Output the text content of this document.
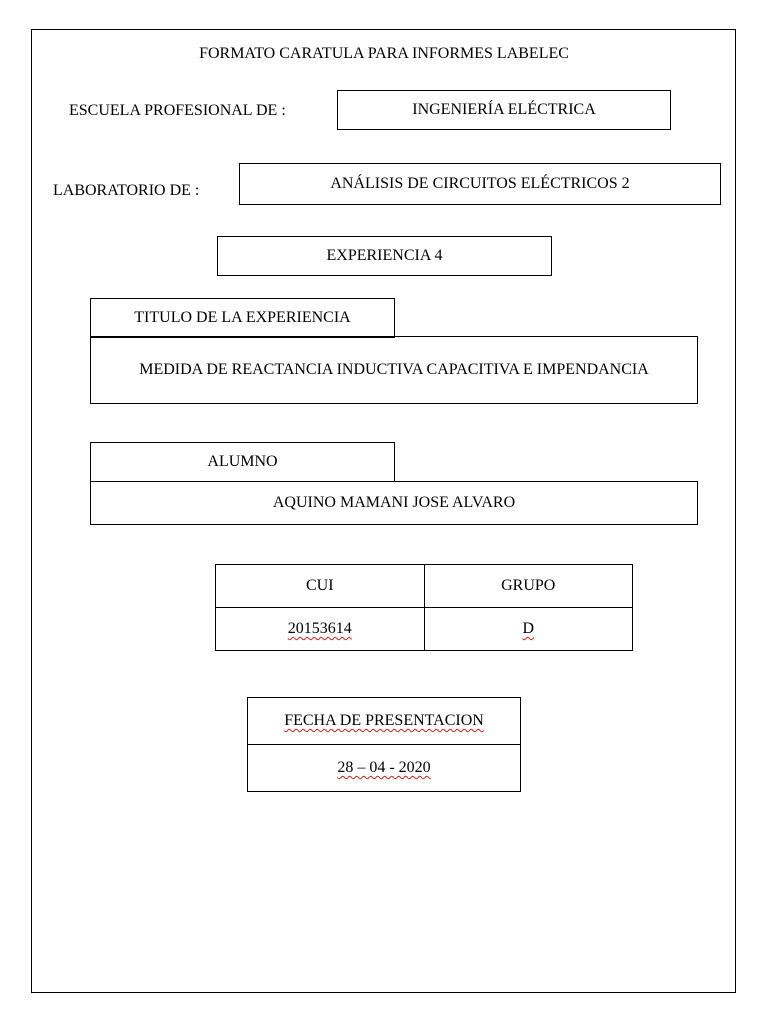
FORMATO CARATULA PARA INFORMES LABELEC
ESCUELA PROFESIONAL DE :	INGENIERÍA ELÉCTRICA
LABORATORIO DE :	ANÁLISIS DE CIRCUITOS ELÉCTRICOS 2
EXPERIENCIA 4
TITULO DE LA EXPERIENCIA
MEDIDA DE REACTANCIA INDUCTIVA CAPACITIVA E IMPENDANCIA
ALUMNO
AQUINO MAMANI JOSE ALVARO
CUI	GRUPO
20153614	D
FECHA DE PRESENTACION
28 – 04 - 2020
